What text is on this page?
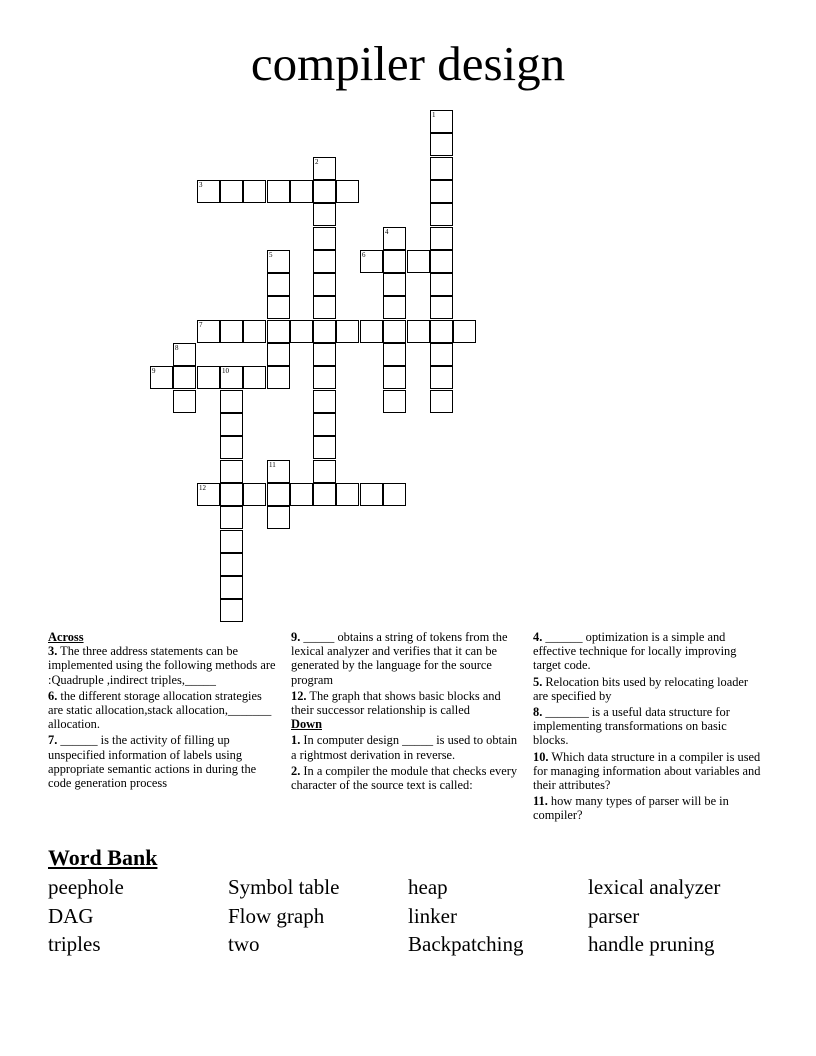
compiler design
1
2
3
4
5	6
7
8
9	10
11
12
Across
3. The three address statements can be implemented using the following methods are :Quadruple ,indirect triples,_____
6. the different storage allocation strategies are static allocation,stack allocation,_______ allocation.
7. ______ is the activity of filling up unspecified information of labels using appropriate semantic actions in during the code generation process
9. _____ obtains a string of tokens from the lexical analyzer and verifies that it can be generated by the language for the source program
12. The graph that shows basic blocks and their successor relationship is called
Down
1. In computer design _____ is used to obtain a rightmost derivation in reverse.
2. In a compiler the module that checks every character of the source text is called:
4. ______ optimization is a simple and effective technique for locally improving target code.
5. Relocation bits used by relocating loader are specified by
8. _______ is a useful data structure for implementing transformations on basic blocks.
10. Which data structure in a compiler is used for managing information about variables and their attributes?
11. how many types of parser will be in compiler?
Word Bank
peephole	Symbol table	heap	lexical analyzer
DAG	Flow graph	linker	parser
triples	two	Backpatching	handle pruning
